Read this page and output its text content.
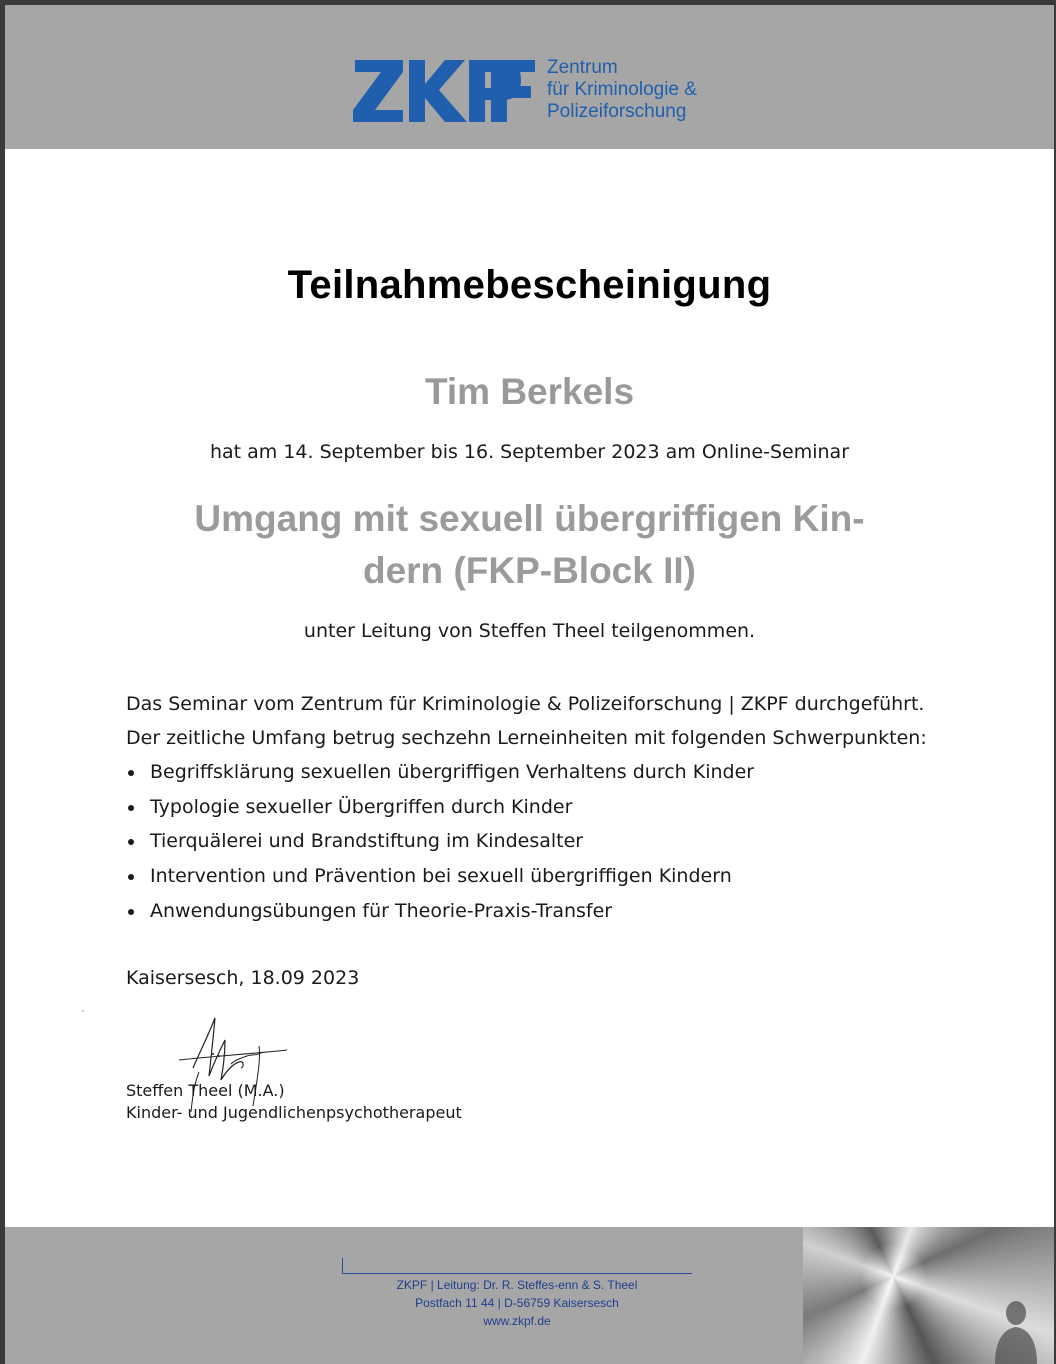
Zentrum
für Kriminologie &
Polizeiforschung
Teilnahmebescheinigung
Tim Berkels
hat am 14. September bis 16. September 2023 am Online-Seminar
Umgang mit sexuell übergriffigen Kin-
dern (FKP-Block II)
unter Leitung von Steffen Theel teilgenommen.
Das Seminar vom Zentrum für Kriminologie & Polizeiforschung | ZKPF durchgeführt.
Der zeitliche Umfang betrug sechzehn Lerneinheiten mit folgenden Schwerpunkten:
Begriffsklärung sexuellen übergriffigen Verhaltens durch Kinder
Typologie sexueller Übergriffen durch Kinder
Tierquälerei und Brandstiftung im Kindesalter
Intervention und Prävention bei sexuell übergriffigen Kindern
Anwendungsübungen für Theorie-Praxis-Transfer
Kaisersesch, 18.09 2023
Steffen Theel (M.A.)
Kinder- und Jugendlichenpsychotherapeut
ZKPF | Leitung: Dr. R. Steffes-enn & S. Theel
Postfach 11 44 | D-56759 Kaisersesch
www.zkpf.de
